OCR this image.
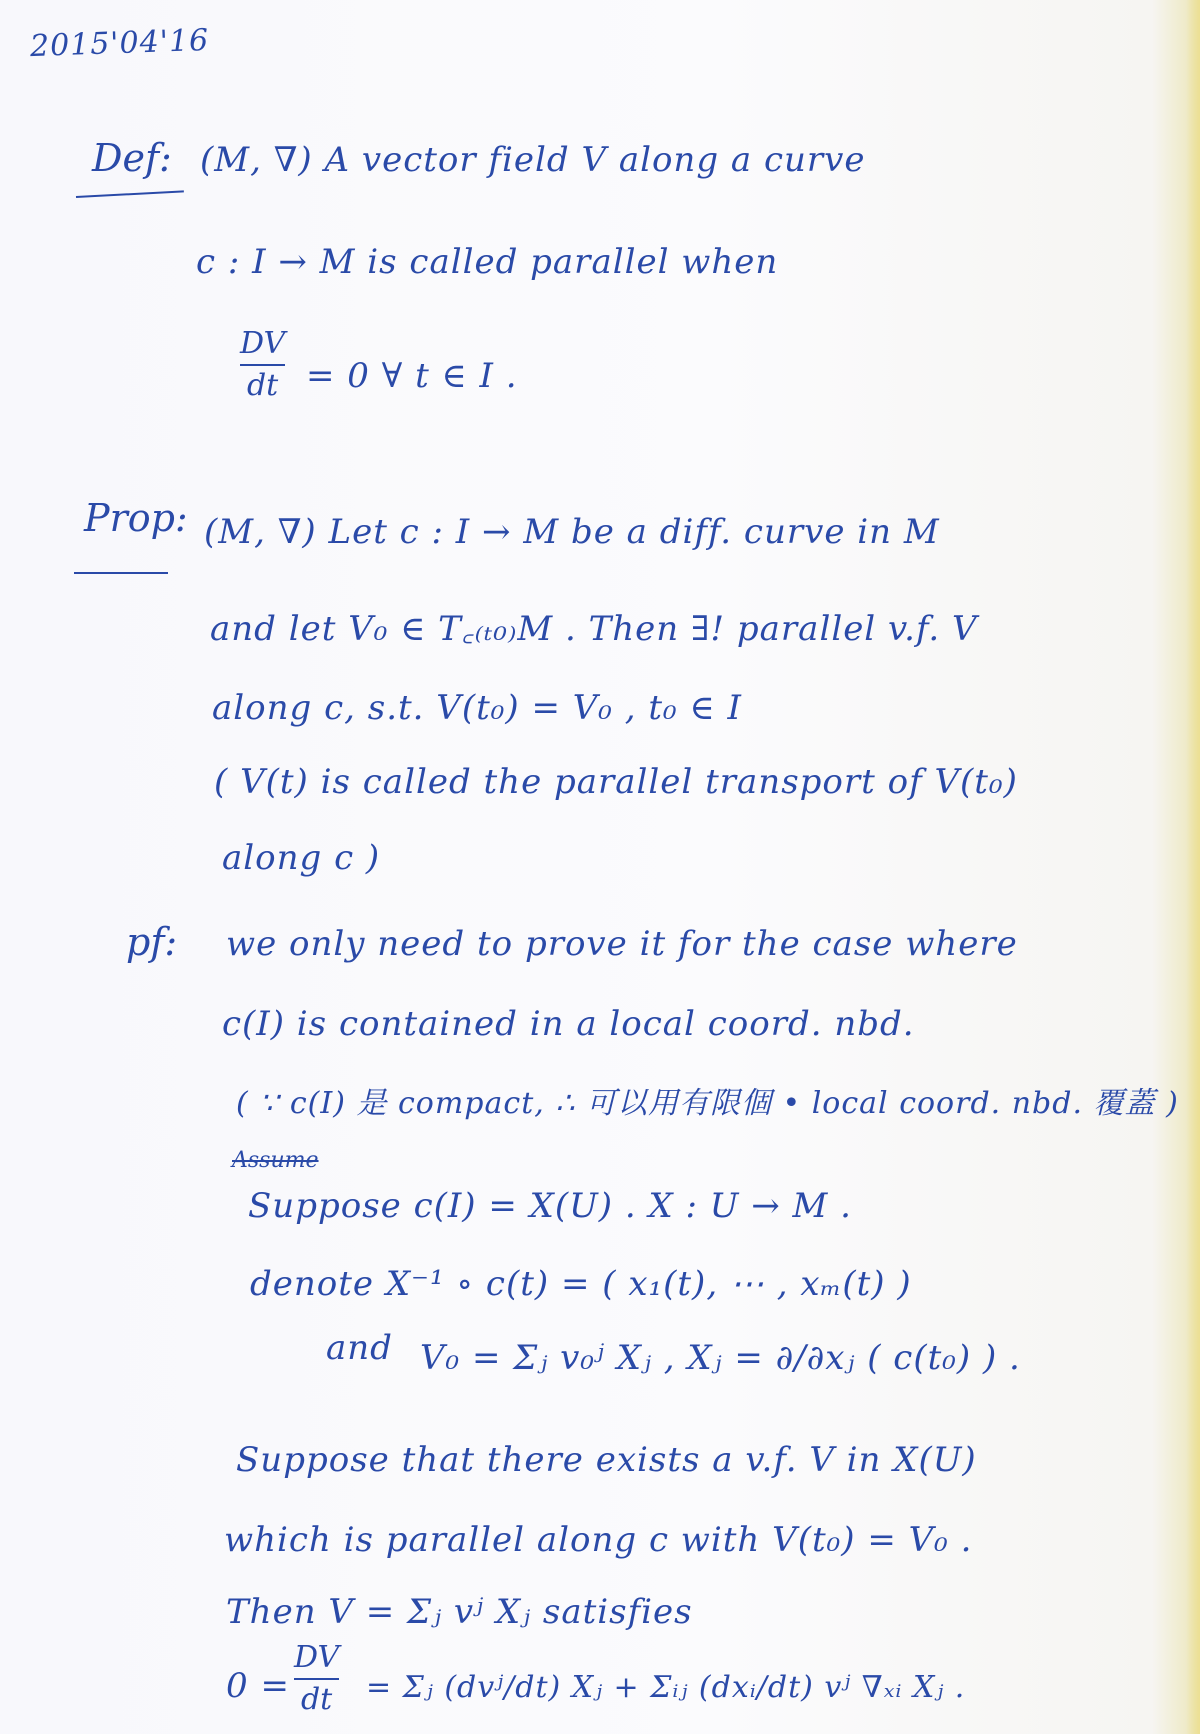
2015'04'16
Def: (M, ∇) A vector field V along a curve
c : I → M is called parallel when
DV
dt = 0 ∀ t ∈ I .
Prop: (M, ∇) Let c : I → M be a diff. curve in M
and let V₀ ∈ T꜀₍ₜ₀₎M . Then ∃! parallel v.f. V
along c, s.t. V(t₀) = V₀ , t₀ ∈ I
( V(t) is called the parallel transport of V(t₀)
along c )
pf: we only need to prove it for the case where
c(I) is contained in a local coord. nbd.
( ∵ c(I) 是 compact, ∴ 可以用有限個 • local coord. nbd. 覆蓋 )
Assume
Suppose c(I) = X(U) . X : U → M .
denote X⁻¹ ∘ c(t) = ( x₁(t), ⋯ , xₘ(t) )
and V₀ = Σⱼ v₀ʲ Xⱼ , Xⱼ = ∂/∂xⱼ ( c(t₀) ) .
Suppose that there exists a v.f. V in X(U)
which is parallel along c with V(t₀) = V₀ .
Then V = Σⱼ vʲ Xⱼ satisfies
0 =
DV
dt = Σⱼ (dvʲ/dt) Xⱼ + Σᵢⱼ (dxᵢ/dt) vʲ ∇ₓᵢ Xⱼ .
